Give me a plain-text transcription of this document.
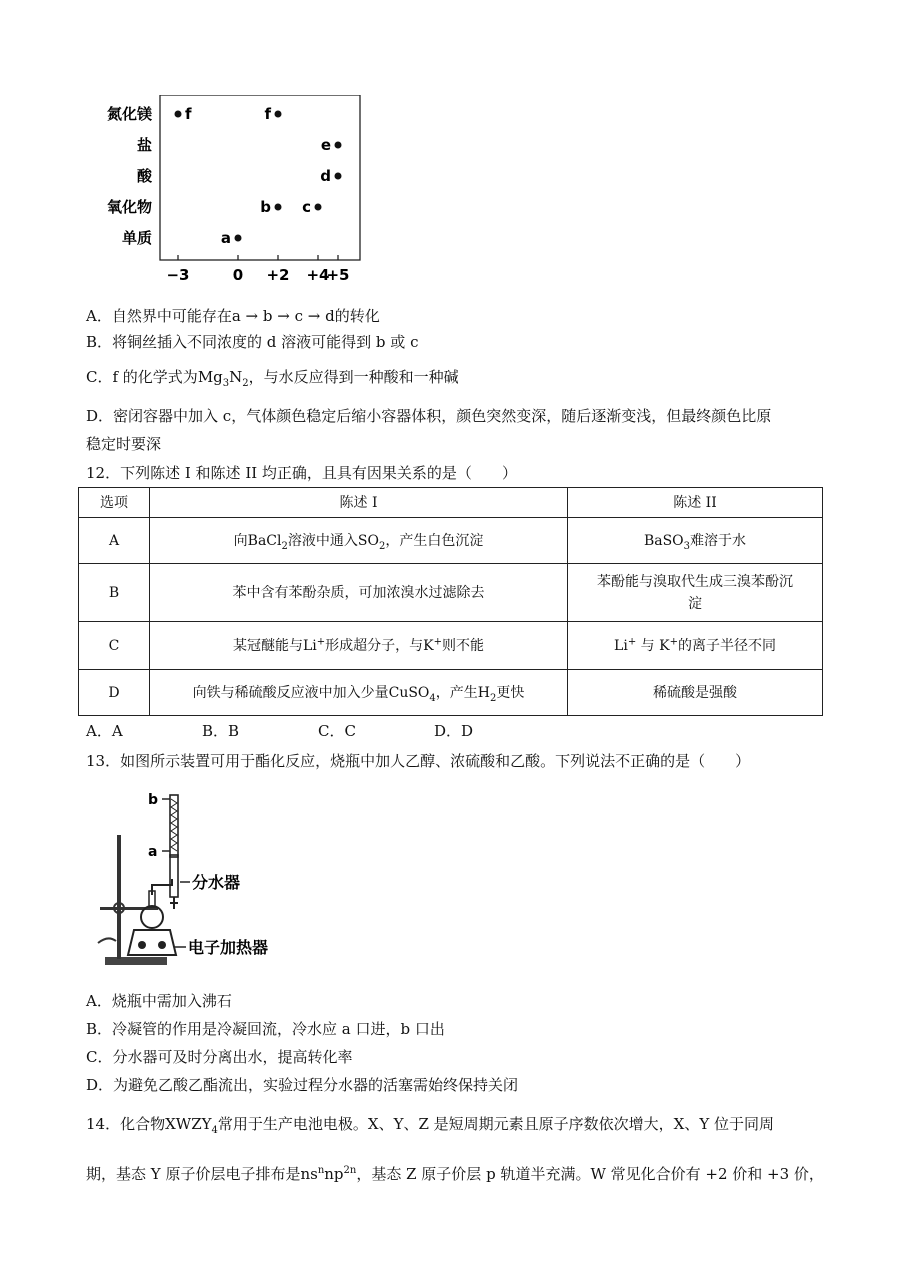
氮化镁
盐
酸
氧化物
单质
−3	0 +2 +4
+5
f	f
e
d
b c
a
A．自然界中可能存在a → b → c → d的转化
B．将铜丝插入不同浓度的 d 溶液可能得到 b 或 c
C．f 的化学式为$Mg_3N_2$，与水反应得到一种酸和一种碱
D．密闭容器中加入 c，气体颜色稳定后缩小容器体积，颜色突然变深，随后逐渐变浅，但最终颜色比原
稳定时要深
12．下列陈述 I 和陈述 II 均正确，且具有因果关系的是（　　）
选项	陈述 I	陈述 II
A	向BaCl$_2$溶液中通入$SO_2$，产生白色沉淀	BaSO$_3$难溶于水
B	苯中含有苯酚杂质，可加浓溴水过滤除去	苯酚能与溴取代生成三溴苯酚沉
淀
C	某冠醚能与Li+形成超分子，与K+则不能	Li+ 与 K+的离子半径不同
D	向铁与稀硫酸反应液中加入少量CuSO$_4$，产生$H_2$更快	稀硫酸是强酸
A．A	B．B	C．C	D．D
13．如图所示装置可用于酯化反应，烧瓶中加人乙醇、浓硫酸和乙酸。下列说法不正确的是（　　）
b
a
分水器
电子加热器
A．烧瓶中需加入沸石
B．冷凝管的作用是冷凝回流，冷水应 a 口进，b 口出
C．分水器可及时分离出水，提高转化率
D．为避免乙酸乙酯流出，实验过程分水器的活塞需始终保持关闭
14．化合物$XWZY_4$常用于生产电池电极。X、Y、Z 是短周期元素且原子序数依次增大，X、Y 位于同周
期，基态 Y 原子价层电子排布是$ns^nnp^{2n}$，基态 Z 原子价层 p 轨道半充满。W 常见化合价有 +2 价和 +3 价，
